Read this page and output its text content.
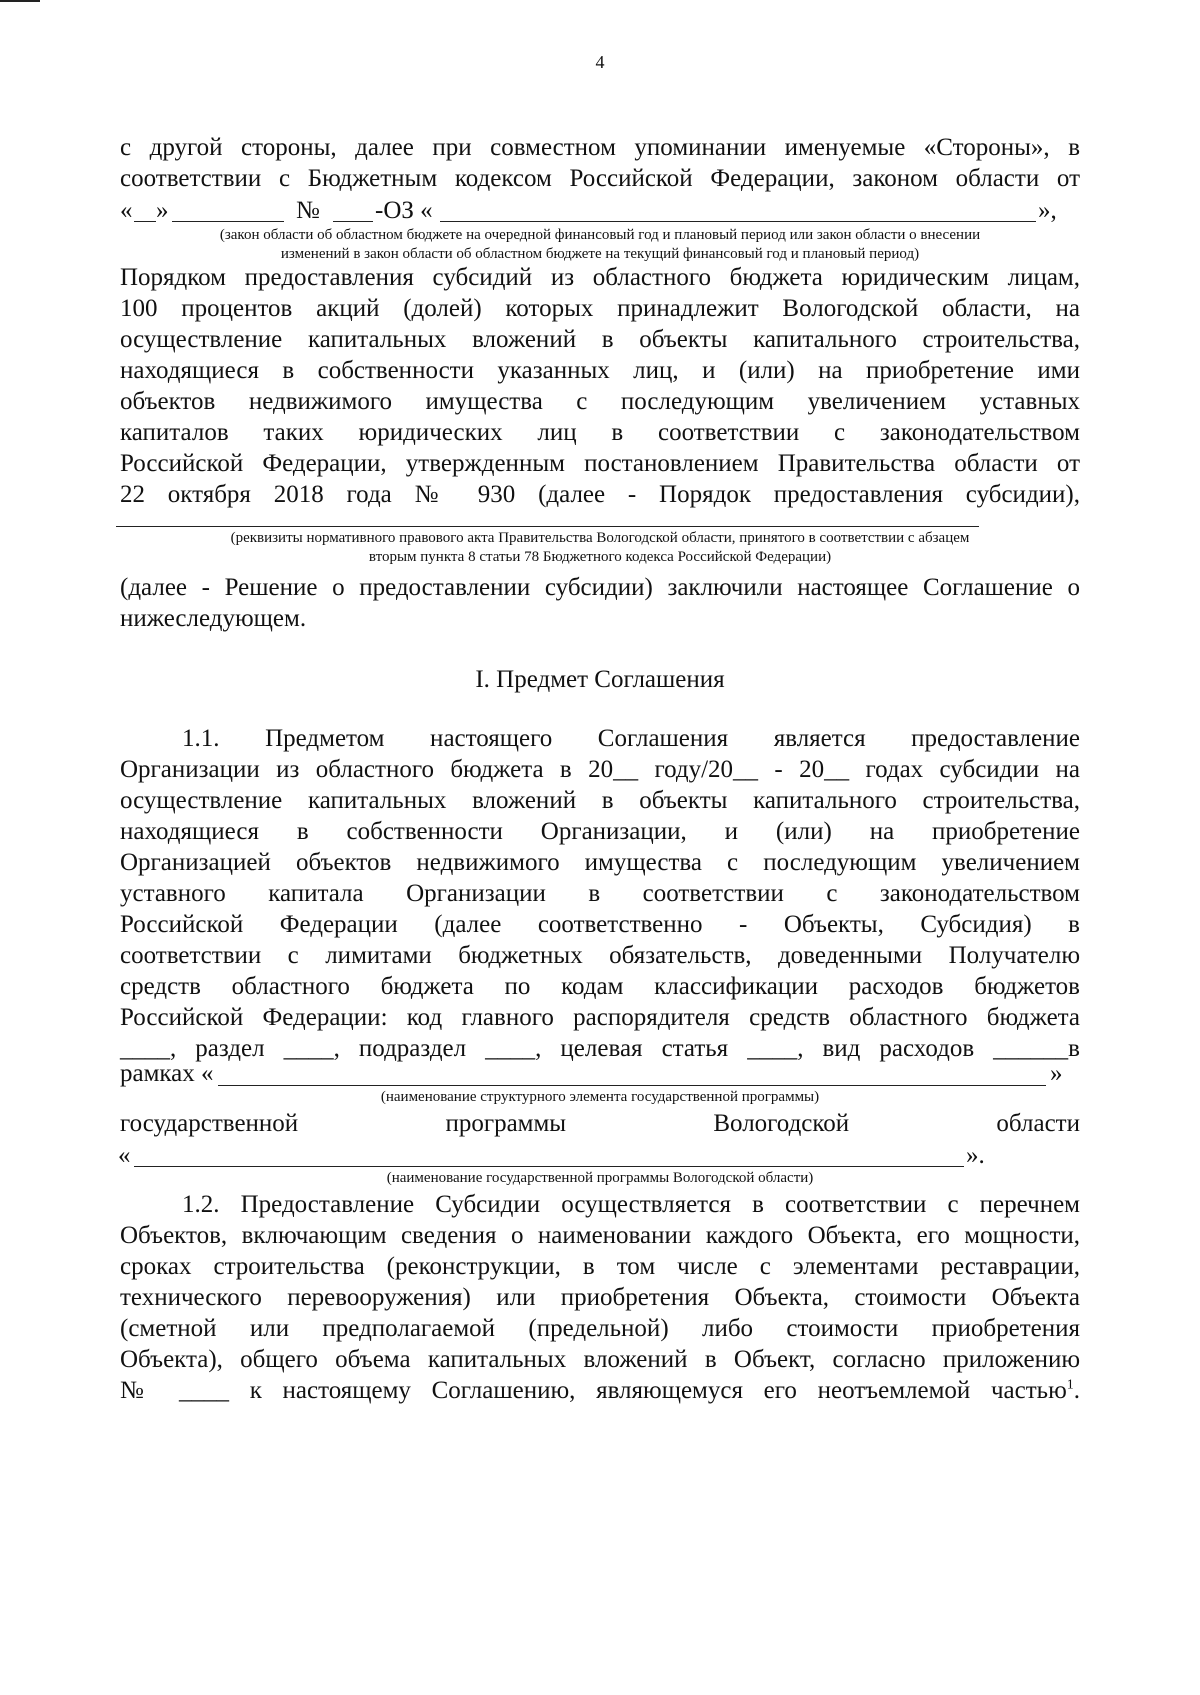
4
с другой стороны, далее при совместном упоминании именуемые «Стороны», в
соответствии с Бюджетным кодексом Российской Федерации, законом области от
« »	№ -ОЗ «	»,
(закон области об областном бюджете на очередной финансовый год и плановый период или закон области о внесении
изменений в закон области об областном бюджете на текущий финансовый год и плановый период)
Порядком предоставления субсидий из областного бюджета юридическим лицам,
100 процентов акций (долей) которых принадлежит Вологодской области, на
осуществление капитальных вложений в объекты капитального строительства,
находящиеся в собственности указанных лиц, и (или) на приобретение ими
объектов недвижимого имущества с последующим увеличением уставных
капиталов таких юридических лиц в соответствии с законодательством
Российской Федерации, утвержденным постановлением Правительства области от
22 октября 2018 года № 930 (далее - Порядок предоставления субсидии),
(реквизиты нормативного правового акта Правительства Вологодской области, принятого в соответствии с абзацем
вторым пункта 8 статьи 78 Бюджетного кодекса Российской Федерации)
(далее - Решение о предоставлении субсидии) заключили настоящее Соглашение о
нижеследующем.
I. Предмет Соглашения
1.1. Предметом настоящего Соглашения является предоставление
Организации из областного бюджета в 20__ году/20__ - 20__ годах субсидии на
осуществление капитальных вложений в объекты капитального строительства,
находящиеся в собственности Организации, и (или) на приобретение
Организацией объектов недвижимого имущества с последующим увеличением
уставного капитала Организации в соответствии с законодательством
Российской Федерации (далее соответственно - Объекты, Субсидия) в
соответствии с лимитами бюджетных обязательств, доведенными Получателю
средств областного бюджета по кодам классификации расходов бюджетов
Российской Федерации: код главного распорядителя средств областного бюджета
____, раздел ____, подраздел ____, целевая статья ____, вид расходов ______в
рамках «	»
(наименование структурного элемента государственной программы)
государственной	программы	Вологодской	области
«	».
(наименование государственной программы Вологодской области)
1.2. Предоставление Субсидии осуществляется в соответствии с перечнем
Объектов, включающим сведения о наименовании каждого Объекта, его мощности,
сроках строительства (реконструкции, в том числе с элементами реставрации,
технического перевооружения) или приобретения Объекта, стоимости Объекта
(сметной или предполагаемой (предельной) либо стоимости приобретения
Объекта), общего объема капитальных вложений в Объект, согласно приложению
№ ____ к настоящему Соглашению, являющемуся его неотъемлемой частью$^1$.
